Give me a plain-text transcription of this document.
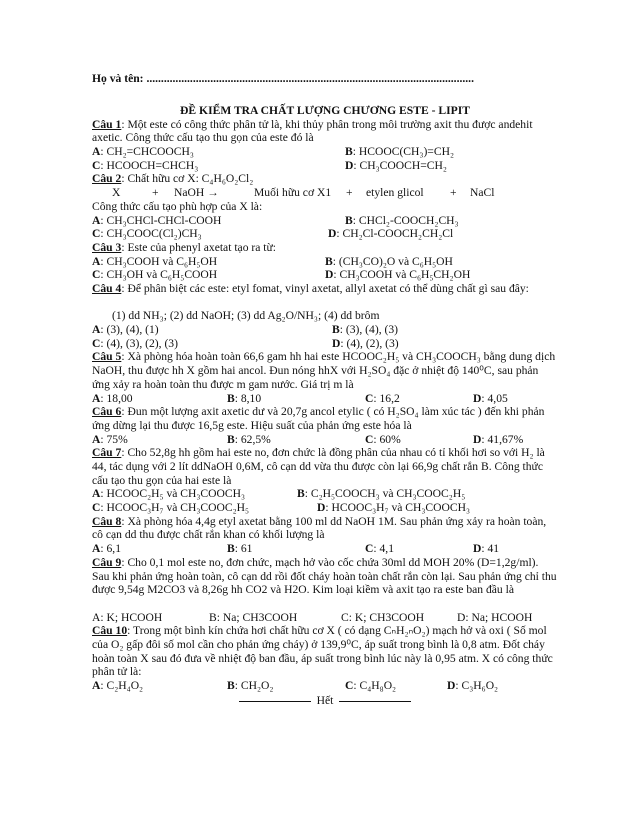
Họ và tên: .................................................................................................................
ĐỀ KIỂM TRA CHẤT LƯỢNG CHƯƠNG ESTE - LIPIT
Câu 1: Một este có công thức phân tử là, khi thủy phân trong môi trường axit thu được andehit axetic. Công thức cấu tạo thu gọn của este đó là
A: CH₂=CHCOOCH₃	B: HCOOC(CH₃)=CH₂
C: HCOOCH=CHCH₃	D: CH₃COOCH=CH₂
Câu 2: Chất hữu cơ X: C₄H₆O₂Cl₂
X	+ NaOH →	Muối hữu cơ X1 + etylen glicol + NaCl
Công thức cấu tạo phù hợp của X là:
A: CH₃CHCl-CHCl-COOH	B: CHCl₂-COOCH₂CH₃
C: CH₃COOC(Cl₂)CH₃	D: CH₂Cl-COOCH₂CH₂Cl
Câu 3: Este của phenyl axetat tạo ra từ:
A: CH₃COOH và C₆H₅OH	B: (CH₃CO)₂O và C₆H₅OH
C: CH₃OH và C₆H₅COOH	D: CH₃COOH và C₆H₅CH₂OH
Câu 4: Để phân biệt các este: etyl fomat, vinyl axetat, allyl axetat có thể dùng chất gì sau đây:
(1) dd NH₃; (2) dd NaOH; (3) dd Ag₂O/NH₃; (4) dd brôm
A: (3), (4), (1)	B: (3), (4), (3)
C: (4), (3), (2), (3)	D: (4), (2), (3)
Câu 5: Xà phòng hóa hoàn toàn 66,6 gam hh hai este HCOOC₂H₅ và CH₃COOCH₃ bằng dung dịch NaOH, thu được hh X gồm hai ancol. Đun nóng hhX với H₂SO₄ đặc ở nhiệt độ 140⁰C, sau phản ứng xảy ra hoàn toàn thu được m gam nước. Giá trị m là
A: 18,00	B: 8,10	C: 16,2	D: 4,05
Câu 6: Đun một lượng axit axetic dư và 20,7g ancol etylic ( có H₂SO₄ làm xúc tác ) đến khi phản ứng dừng lại thu được 16,5g este. Hiệu suất của phản ứng este hóa là
A: 75%	B: 62,5%	C: 60%	D: 41,67%
Câu 7: Cho 52,8g hh gồm hai este no, đơn chức là đồng phân của nhau có tỉ khối hơi so với H₂ là 44, tác dụng với 2 lít ddNaOH 0,6M, cô cạn dd vừa thu được còn lại 66,9g chất rắn B. Công thức cấu tạo thu gọn của hai este là
A: HCOOC₂H₅ và CH₃COOCH₃	B: C₂H₅COOCH₃ và CH₃COOC₂H₅
C: HCOOC₃H₇ và CH₃COOC₂H₅	D: HCOOC₃H₇ và CH₃COOCH₃
Câu 8: Xà phòng hóa 4,4g etyl axetat bằng 100 ml dd NaOH 1M. Sau phản ứng xảy ra hoàn toàn, cô cạn dd thu được chất rắn khan có khối lượng là
A: 6,1	B: 61	C: 4,1	D: 41
Câu 9: Cho 0,1 mol este no, đơn chức, mạch hở vào cốc chứa 30ml dd MOH 20% (D=1,2g/ml). Sau khi phản ứng hoàn toàn, cô cạn dd rồi đốt cháy hoàn toàn chất rắn còn lại. Sau phản ứng chỉ thu được 9,54g M2CO3 và 8,26g hh CO2 và H2O. Kim loại kiềm và axit tạo ra este ban đầu là
A: K; HCOOH	B: Na; CH3COOH	C: K; CH3COOH	D: Na; HCOOH
Câu 10: Trong một bình kín chứa hơi chất hữu cơ X ( có dạng CₙH₂ₙO₂) mạch hở và oxi ( Số mol của O₂ gấp đôi số mol cần cho phản ứng cháy) ở 139,9⁰C, áp suất trong bình là 0,8 atm. Đốt cháy hoàn toàn X sau đó đưa về nhiệt độ ban đầu, áp suất trong bình lúc này là 0,95 atm. X có công thức phân tử là:
A: C₂H₄O₂	B: CH₂O₂	C: C₄H₈O₂	D: C₃H₆O₂
Hết
